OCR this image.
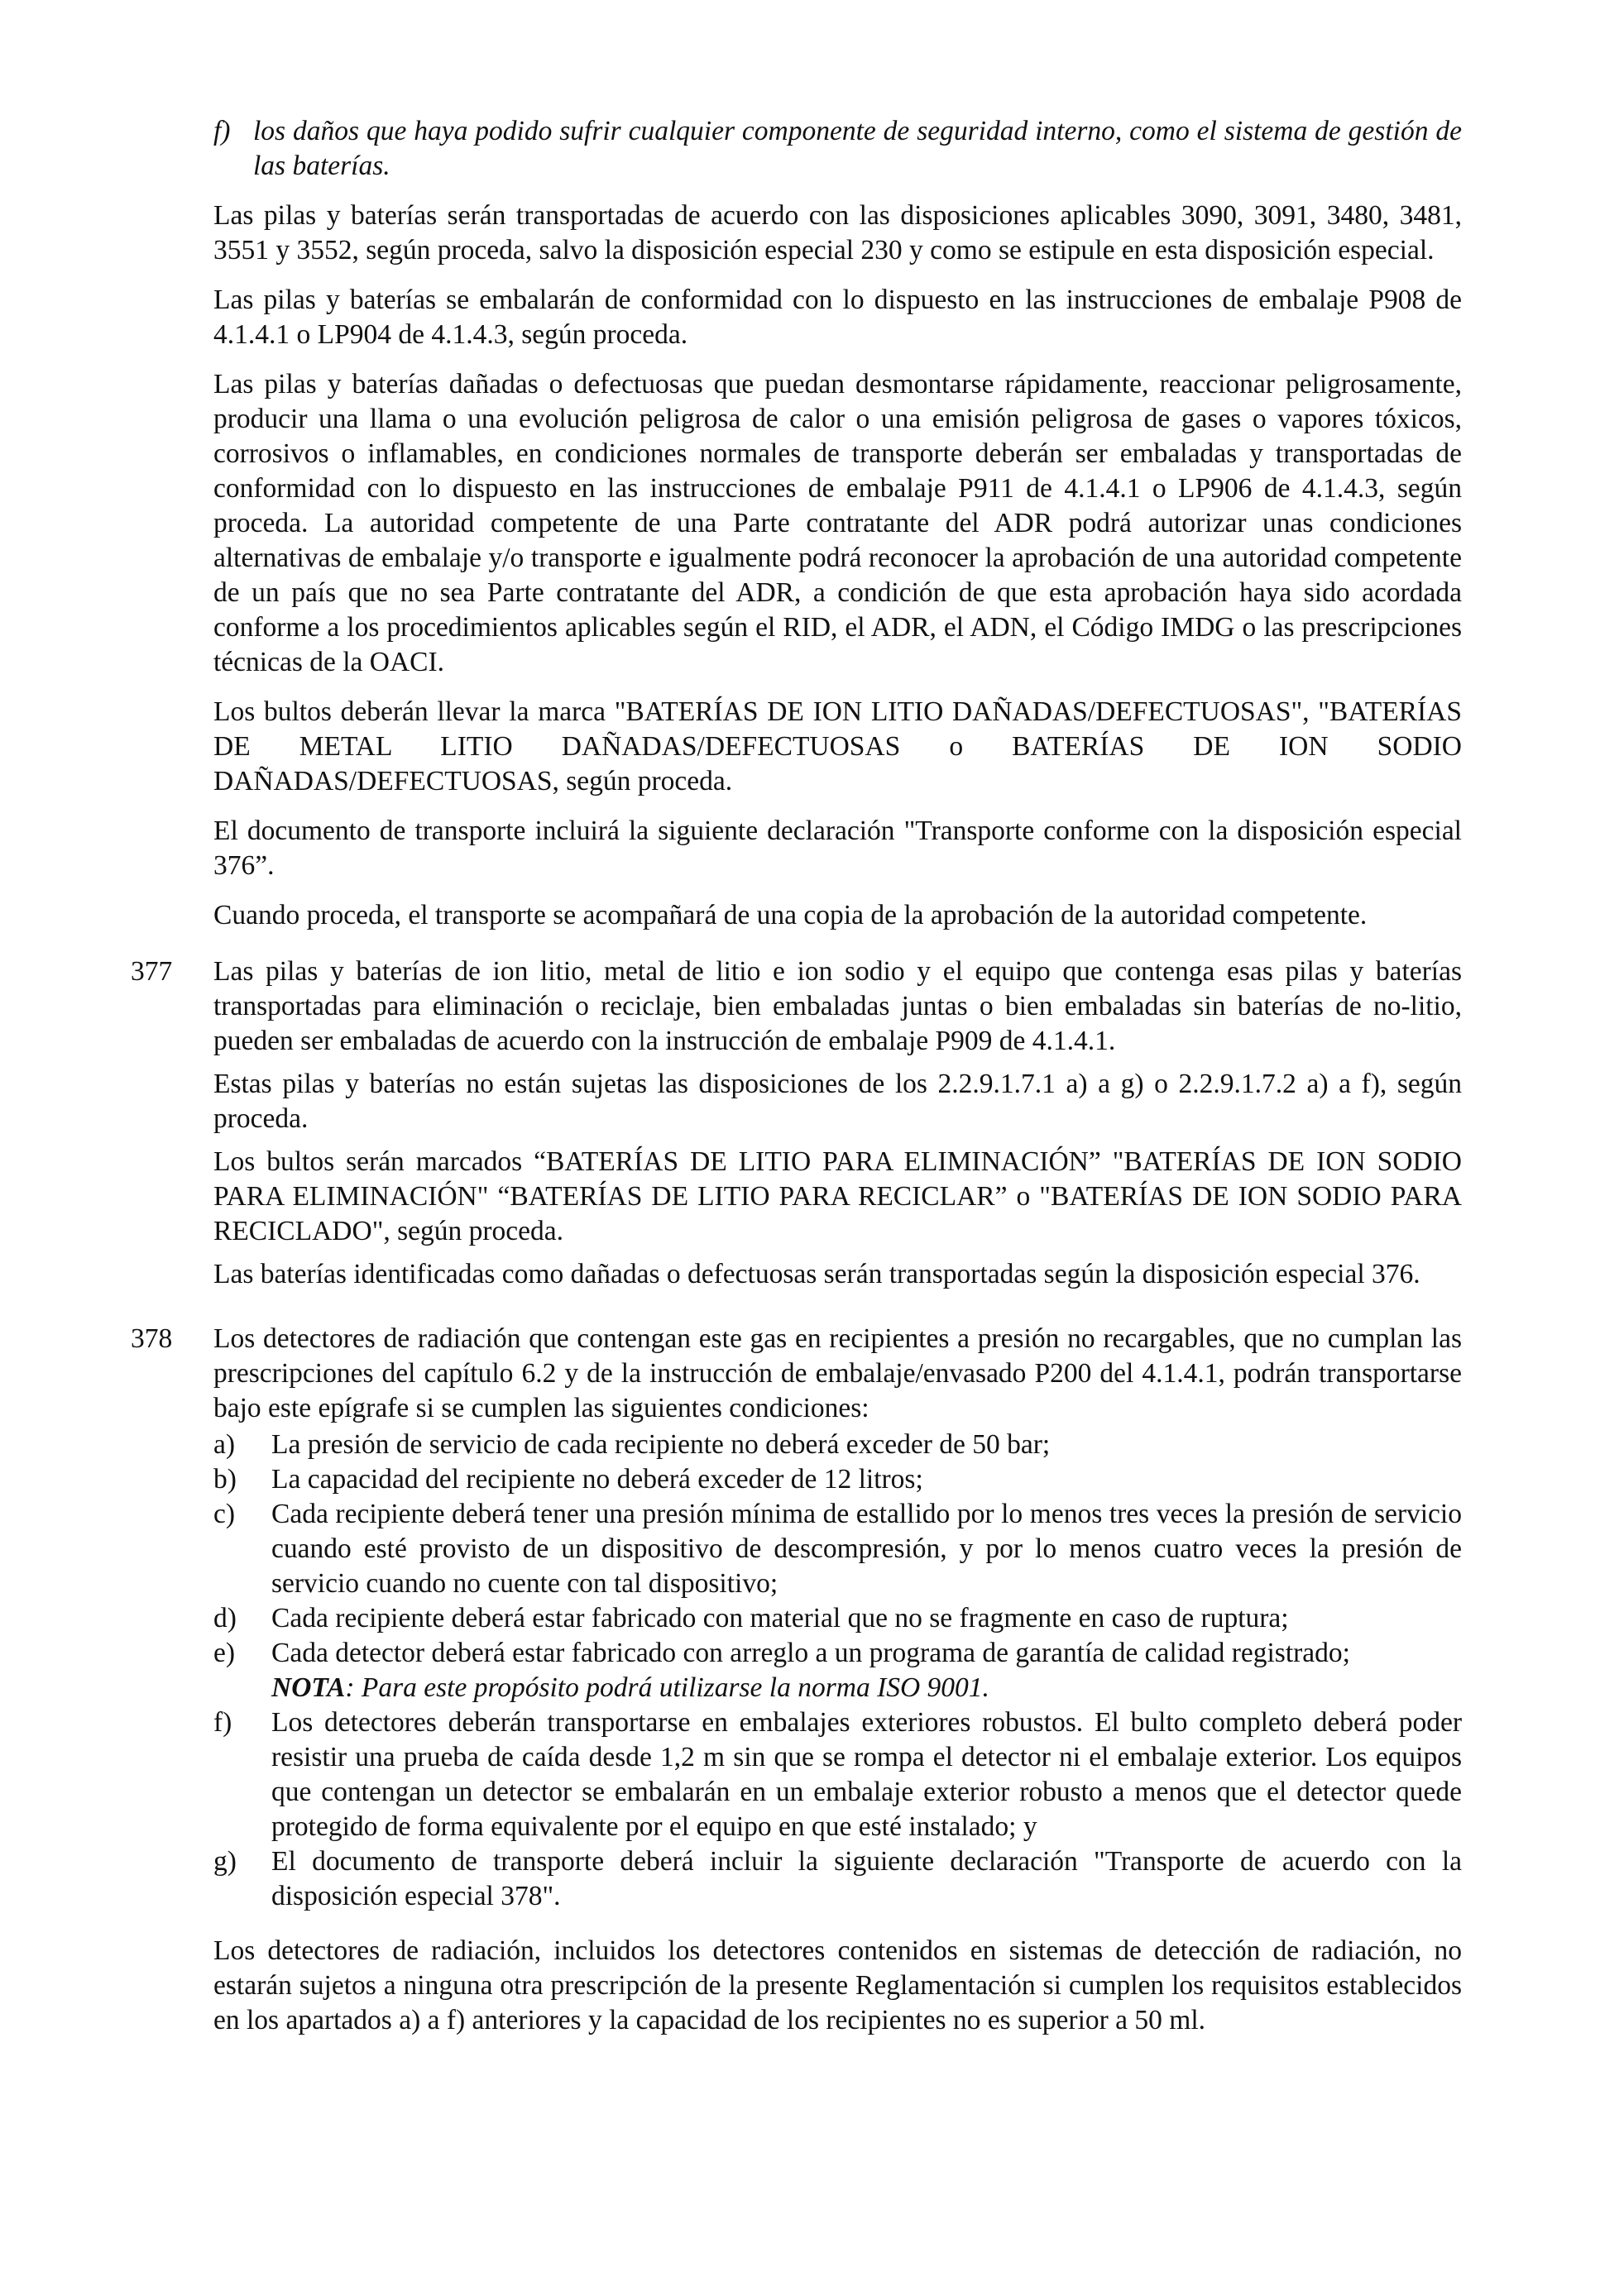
f) los daños que haya podido sufrir cualquier componente de seguridad interno, como el sistema de gestión de las baterías.

Las pilas y baterías serán transportadas de acuerdo con las disposiciones aplicables 3090, 3091, 3480, 3481, 3551 y 3552, según proceda, salvo la disposición especial 230 y como se estipule en esta disposición especial.

Las pilas y baterías se embalarán de conformidad con lo dispuesto en las instrucciones de embalaje P908 de 4.1.4.1 o LP904 de 4.1.4.3, según proceda.

Las pilas y baterías dañadas o defectuosas que puedan desmontarse rápidamente, reaccionar peligrosamente, producir una llama o una evolución peligrosa de calor o una emisión peligrosa de gases o vapores tóxicos, corrosivos o inflamables, en condiciones normales de transporte deberán ser embaladas y transportadas de conformidad con lo dispuesto en las instrucciones de embalaje P911 de 4.1.4.1 o LP906 de 4.1.4.3, según proceda. La autoridad competente de una Parte contratante del ADR podrá autorizar unas condiciones alternativas de embalaje y/o transporte e igualmente podrá reconocer la aprobación de una autoridad competente de un país que no sea Parte contratante del ADR, a condición de que esta aprobación haya sido acordada conforme a los procedimientos aplicables según el RID, el ADR, el ADN, el Código IMDG o las prescripciones técnicas de la OACI.

Los bultos deberán llevar la marca "BATERÍAS DE ION LITIO DAÑADAS/DEFECTUOSAS", "BATERÍAS DE METAL LITIO DAÑADAS/DEFECTUOSAS o BATERÍAS DE ION SODIO DAÑADAS/DEFECTUOSAS, según proceda.

El documento de transporte incluirá la siguiente declaración "Transporte conforme con la disposición especial 376”.

Cuando proceda, el transporte se acompañará de una copia de la aprobación de la autoridad competente.

377	Las pilas y baterías de ion litio, metal de litio e ion sodio y el equipo que contenga esas pilas y baterías transportadas para eliminación o reciclaje, bien embaladas juntas o bien embaladas sin baterías de no-litio, pueden ser embaladas de acuerdo con la instrucción de embalaje P909 de 4.1.4.1.

Estas pilas y baterías no están sujetas las disposiciones de los 2.2.9.1.7.1 a) a g) o 2.2.9.1.7.2 a) a f), según proceda.

Los bultos serán marcados “BATERÍAS DE LITIO PARA ELIMINACIÓN” "BATERÍAS DE ION SODIO PARA ELIMINACIÓN" “BATERÍAS DE LITIO PARA RECICLAR” o "BATERÍAS DE ION SODIO PARA RECICLADO", según proceda.

Las baterías identificadas como dañadas o defectuosas serán transportadas según la disposición especial 376.

378	Los detectores de radiación que contengan este gas en recipientes a presión no recargables, que no cumplan las prescripciones del capítulo 6.2 y de la instrucción de embalaje/envasado P200 del 4.1.4.1, podrán transportarse bajo este epígrafe si se cumplen las siguientes condiciones:

a)	La presión de servicio de cada recipiente no deberá exceder de 50 bar;
b)	La capacidad del recipiente no deberá exceder de 12 litros;
c)	Cada recipiente deberá tener una presión mínima de estallido por lo menos tres veces la presión de servicio cuando esté provisto de un dispositivo de descompresión, y por lo menos cuatro veces la presión de servicio cuando no cuente con tal dispositivo;
d)	Cada recipiente deberá estar fabricado con material que no se fragmente en caso de ruptura;
e)	Cada detector deberá estar fabricado con arreglo a un programa de garantía de calidad registrado;
NOTA: Para este propósito podrá utilizarse la norma ISO 9001.
f)	Los detectores deberán transportarse en embalajes exteriores robustos. El bulto completo deberá poder resistir una prueba de caída desde 1,2 m sin que se rompa el detector ni el embalaje exterior. Los equipos que contengan un detector se embalarán en un embalaje exterior robusto a menos que el detector quede protegido de forma equivalente por el equipo en que esté instalado; y
g)	El documento de transporte deberá incluir la siguiente declaración "Transporte de acuerdo con la disposición especial 378".

Los detectores de radiación, incluidos los detectores contenidos en sistemas de detección de radiación, no estarán sujetos a ninguna otra prescripción de la presente Reglamentación si cumplen los requisitos establecidos en los apartados a) a f) anteriores y la capacidad de los recipientes no es superior a 50 ml.
